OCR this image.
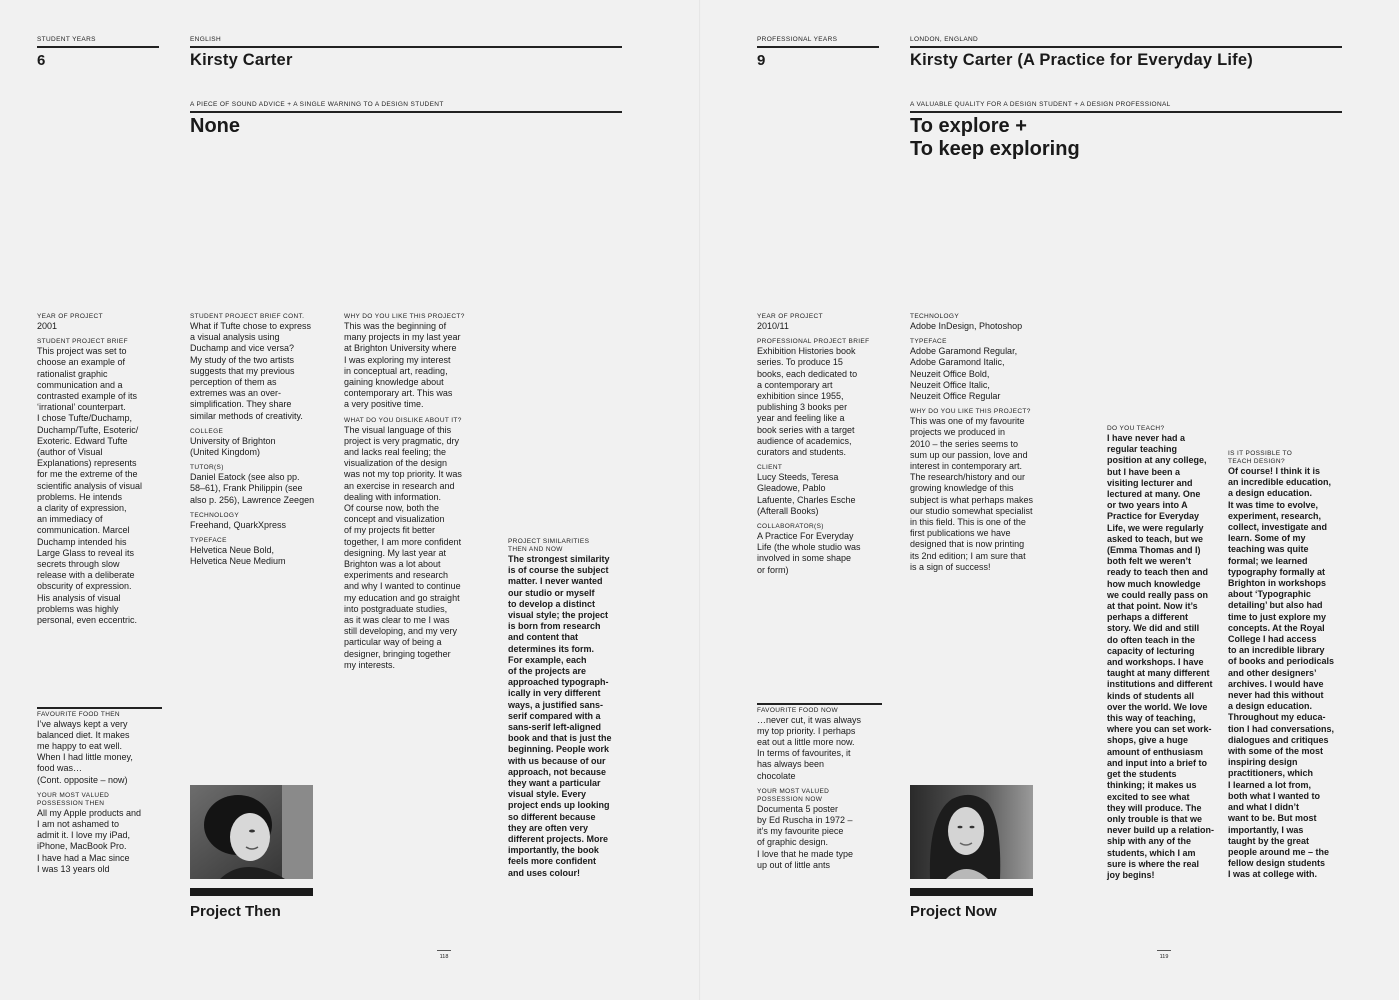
STUDENT YEARS
6
ENGLISH
Kirsty Carter
A PIECE OF SOUND ADVICE + A SINGLE WARNING TO A DESIGN STUDENT
None
YEAR OF PROJECT
2001
STUDENT PROJECT BRIEF
This project was set to
choose an example of
rationalist graphic
communication and a
contrasted example of its
‘irrational’ counterpart.
I chose Tufte/Duchamp,
Duchamp/Tufte, Esoteric/
Exoteric. Edward Tufte
(author of Visual
Explanations) represents
for me the extreme of the
scientific analysis of visual
problems. He intends
a clarity of expression,
an immediacy of
communication. Marcel
Duchamp intended his
Large Glass to reveal its
secrets through slow
release with a deliberate
obscurity of expression.
His analysis of visual
problems was highly
personal, even eccentric.
FAVOURITE FOOD THEN
I’ve always kept a very
balanced diet. It makes
me happy to eat well.
When I had little money,
food was…
(Cont. opposite – now)
YOUR MOST VALUED
POSSESSION THEN
All my Apple products and
I am not ashamed to
admit it. I love my iPad,
iPhone, MacBook Pro.
I have had a Mac since
I was 13 years old
STUDENT PROJECT BRIEF CONT.
What if Tufte chose to express
a visual analysis using
Duchamp and vice versa?
My study of the two artists
suggests that my previous
perception of them as
extremes was an over-
simplification. They share
similar methods of creativity.
COLLEGE
University of Brighton
(United Kingdom)
TUTOR(S)
Daniel Eatock (see also pp.
58–61), Frank Philippin (see
also p. 256), Lawrence Zeegen
TECHNOLOGY
Freehand, QuarkXpress
TYPEFACE
Helvetica Neue Bold,
Helvetica Neue Medium
WHY DO YOU LIKE THIS PROJECT?
This was the beginning of
many projects in my last year
at Brighton University where
I was exploring my interest
in conceptual art, reading,
gaining knowledge about
contemporary art. This was
a very positive time.
WHAT DO YOU DISLIKE ABOUT IT?
The visual language of this
project is very pragmatic, dry
and lacks real feeling; the
visualization of the design
was not my top priority. It was
an exercise in research and
dealing with information.
Of course now, both the
concept and visualization
of my projects fit better
together, I am more confident
designing. My last year at
Brighton was a lot about
experiments and research
and why I wanted to continue
my education and go straight
into postgraduate studies,
as it was clear to me I was
still developing, and my very
particular way of being a
designer, bringing together
my interests.
PROJECT SIMILARITIES
THEN AND NOW
The strongest similarity
is of course the subject
matter. I never wanted
our studio or myself
to develop a distinct
visual style; the project
is born from research
and content that
determines its form.
For example, each
of the projects are
approached typograph-
ically in very different
ways, a justified sans-
serif compared with a
sans-serif left-aligned
book and that is just the
beginning. People work
with us because of our
approach, not because
they want a particular
visual style. Every
project ends up looking
so different because
they are often very
different projects. More
importantly, the book
feels more confident
and uses colour!
Project Then
118
PROFESSIONAL YEARS
9
LONDON, ENGLAND
Kirsty Carter (A Practice for Everyday Life)
A VALUABLE QUALITY FOR A DESIGN STUDENT + A DESIGN PROFESSIONAL
To explore +
To keep exploring
YEAR OF PROJECT
2010/11
PROFESSIONAL PROJECT BRIEF
Exhibition Histories book
series. To produce 15
books, each dedicated to
a contemporary art
exhibition since 1955,
publishing 3 books per
year and feeling like a
book series with a target
audience of academics,
curators and students.
CLIENT
Lucy Steeds, Teresa
Gleadowe, Pablo
Lafuente, Charles Esche
(Afterall Books)
COLLABORATOR(S)
A Practice For Everyday
Life (the whole studio was
involved in some shape
or form)
FAVOURITE FOOD NOW
…never cut, it was always
my top priority. I perhaps
eat out a little more now.
In terms of favourites, it
has always been
chocolate
YOUR MOST VALUED
POSSESSION NOW
Documenta 5 poster
by Ed Ruscha in 1972 –
it’s my favourite piece
of graphic design.
I love that he made type
up out of little ants
TECHNOLOGY
Adobe InDesign, Photoshop
TYPEFACE
Adobe Garamond Regular,
Adobe Garamond Italic,
Neuzeit Office Bold,
Neuzeit Office Italic,
Neuzeit Office Regular
WHY DO YOU LIKE THIS PROJECT?
This was one of my favourite
projects we produced in
2010 – the series seems to
sum up our passion, love and
interest in contemporary art.
The research/history and our
growing knowledge of this
subject is what perhaps makes
our studio somewhat specialist
in this field. This is one of the
first publications we have
designed that is now printing
its 2nd edition; I am sure that
is a sign of success!
DO YOU TEACH?
I have never had a
regular teaching
position at any college,
but I have been a
visiting lecturer and
lectured at many. One
or two years into A
Practice for Everyday
Life, we were regularly
asked to teach, but we
(Emma Thomas and I)
both felt we weren’t
ready to teach then and
how much knowledge
we could really pass on
at that point. Now it’s
perhaps a different
story. We did and still
do often teach in the
capacity of lecturing
and workshops. I have
taught at many different
institutions and different
kinds of students all
over the world. We love
this way of teaching,
where you can set work-
shops, give a huge
amount of enthusiasm
and input into a brief to
get the students
thinking; it makes us
excited to see what
they will produce. The
only trouble is that we
never build up a relation-
ship with any of the
students, which I am
sure is where the real
joy begins!
IS IT POSSIBLE TO
TEACH DESIGN?
Of course! I think it is
an incredible education,
a design education.
It was time to evolve,
experiment, research,
collect, investigate and
learn. Some of my
teaching was quite
formal; we learned
typography formally at
Brighton in workshops
about ‘Typographic
detailing’ but also had
time to just explore my
concepts. At the Royal
College I had access
to an incredible library
of books and periodicals
and other designers’
archives. I would have
never had this without
a design education.
Throughout my educa-
tion I had conversations,
dialogues and critiques
with some of the most
inspiring design
practitioners, which
I learned a lot from,
both what I wanted to
and what I didn’t
want to be. But most
importantly, I was
taught by the great
people around me – the
fellow design students
I was at college with.
Project Now
119
